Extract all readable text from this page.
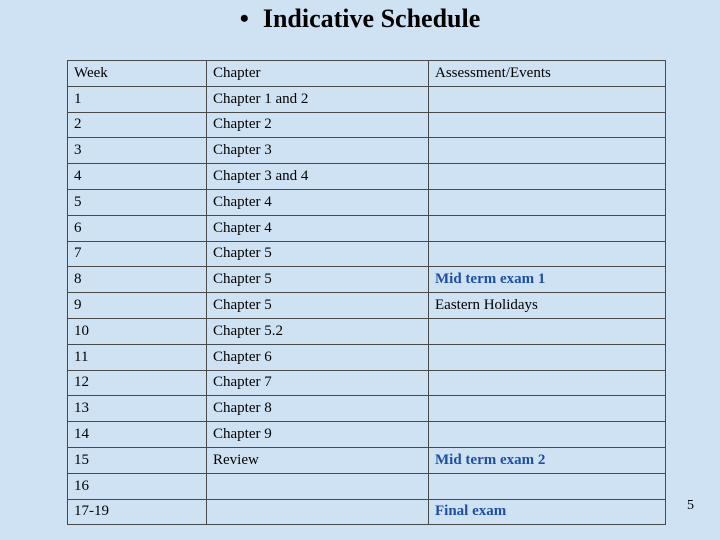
• Indicative Schedule
Week	Chapter	Assessment/Events
1	Chapter 1 and 2	
2	Chapter 2	
3	Chapter 3	
4	Chapter 3 and 4	
5	Chapter 4	
6	Chapter 4	
7	Chapter 5	
8	Chapter 5	Mid term exam 1
9	Chapter 5	Eastern Holidays
10	Chapter 5.2	
11	Chapter 6	
12	Chapter 7	
13	Chapter 8	
14	Chapter 9	
15	Review	Mid term exam 2
16		
17-19		Final exam	5
